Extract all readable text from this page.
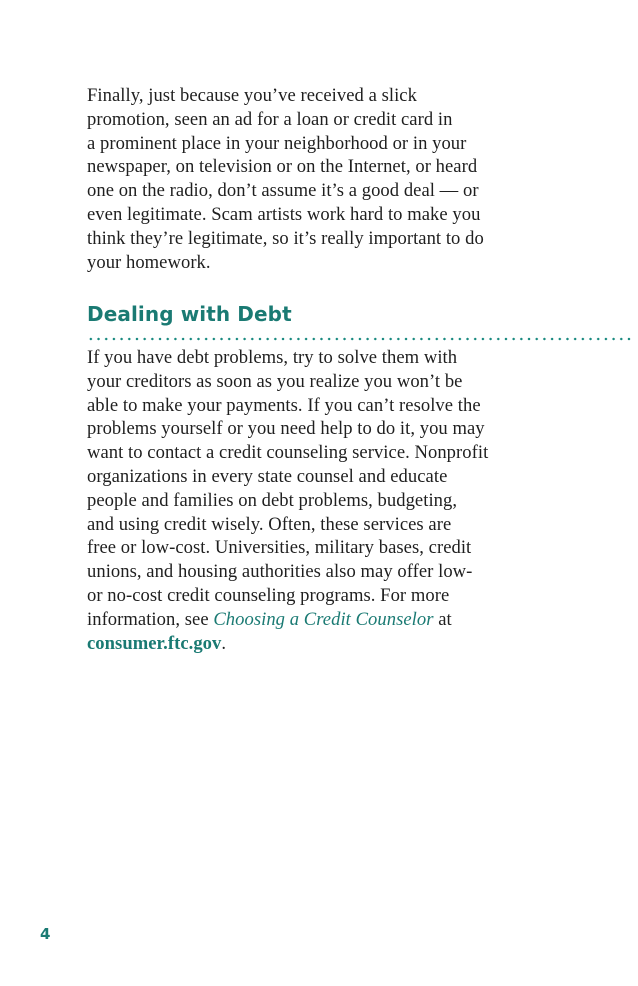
Finally, just because you’ve received a slick
promotion, seen an ad for a loan or credit card in
a prominent place in your neighborhood or in your
newspaper, on television or on the Internet, or heard
one on the radio, don’t assume it’s a good deal — or
even legitimate. Scam artists work hard to make you
think they’re legitimate, so it’s really important to do
your homework.
Dealing with Debt
If you have debt problems, try to solve them with
your creditors as soon as you realize you won’t be
able to make your payments. If you can’t resolve the
problems yourself or you need help to do it, you may
want to contact a credit counseling service. Nonprofit
organizations in every state counsel and educate
people and families on debt problems, budgeting,
and using credit wisely. Often, these services are
free or low-cost. Universities, military bases, credit
unions, and housing authorities also may offer low-
or no-cost credit counseling programs. For more
information, see Choosing a Credit Counselor at
consumer.ftc.gov.
4
